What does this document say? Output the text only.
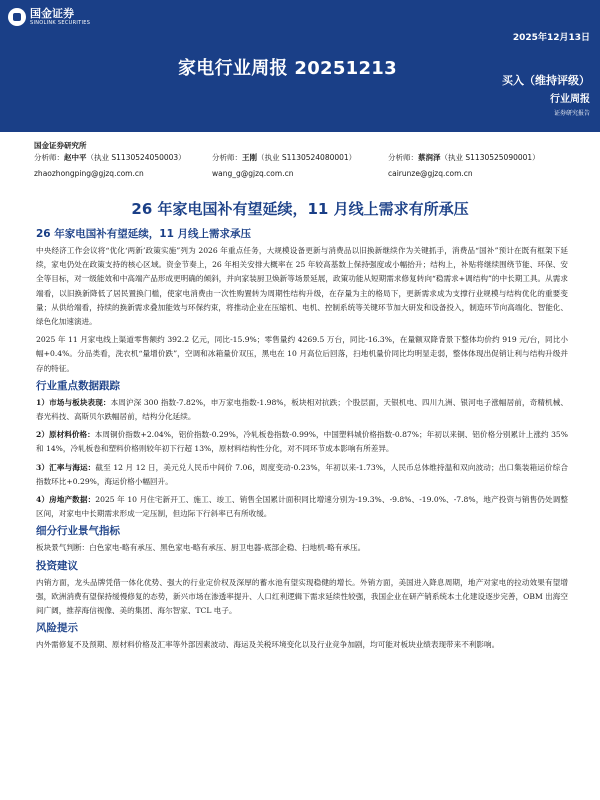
国金证券
SINOLINK SECURITIES
2025年12月13日
家电行业周报 20251213
买入（维持评级）
行业周报
证券研究报告
国金证券研究所
分析师：赵中平（执业 S1130524050003）
zhaozhongping@gjzq.com.cn
分析师：王刚（执业 S1130524080001）
wang_g@gjzq.com.cn
分析师：蔡润泽（执业 S1130525090001）
cairunze@gjzq.com.cn
26 年家电国补有望延续，11 月线上需求有所承压
26 年家电国补有望延续，11 月线上需求承压

中央经济工作会议将“优化‘两新’政策实施”列为 2026 年重点任务，大规模设备更新与消费品以旧换新继续作为关键抓手，消费品“国补”预计在既有框架下延续，家电仍处在政策支持的核心区域。资金节奏上，26 年相关安排大概率在 25 年较高基数上保持强度或小幅抬升；结构上，补贴将继续围绕节能、环保、安全等目标，对一级能效和中高端产品形成更明确的倾斜，并向家装厨卫焕新等场景延展，政策功能从短期需求修复转向“稳需求+调结构”的中长期工具。从需求端看，以旧换新降低了居民置换门槛，使家电消费由一次性购置转为周期性结构升级，在存量为主的格局下，更新需求成为支撑行业规模与结构优化的重要变量；从供给端看，持续的换新需求叠加能效与环保约束，将推动企业在压缩机、电机、控制系统等关键环节加大研发和设备投入，制造环节向高端化、智能化、绿色化加速演进。

2025 年 11 月家电线上渠道零售额约 392.2 亿元，同比-15.9%；零售量约 4269.5 万台，同比-16.3%，在量额双降背景下整体均价约 919 元/台，同比小幅+0.4%。分品类看，洗衣机“量增价跌”，空调和冰箱量价双压，黑电在 10 月高位后回落，扫地机量价同比均明显走弱，整体体现出促销让利与结构升级并存的特征。

行业重点数据跟踪

1）市场与板块表现：本周沪深 300 指数-7.82%，申万家电指数-1.98%，板块相对抗跌；个股层面，天银机电、四川九洲、银河电子涨幅居前，奇精机械、春光科技、高斯贝尔跌幅居前，结构分化延续。

2）原材料价格：本周铜价指数+2.04%，铝价指数-0.29%，冷轧板卷指数-0.99%，中国塑料城价格指数-0.87%；年初以来铜、铝价格分别累计上涨约 35%和 14%，冷轧板卷和塑料价格则较年初下行超 13%，原材料结构性分化，对不同环节成本影响有所差异。

3）汇率与海运：截至 12 月 12 日，美元兑人民币中间价 7.06，周度变动-0.23%，年初以来-1.73%，人民币总体维持温和双向波动；出口集装箱运价综合指数环比+0.29%，海运价格小幅回升。

4）房地产数据：2025 年 10 月住宅新开工、施工、竣工、销售全国累计面积同比增速分别为-19.3%、-9.8%、-19.0%、-7.8%，地产投资与销售仍处调整区间，对家电中长期需求形成一定压制，但边际下行斜率已有所收缓。

细分行业景气指标

板块景气判断：白色家电-略有承压、黑色家电-略有承压、厨卫电器-底部企稳、扫地机-略有承压。

投资建议

内销方面，龙头品牌凭借一体化优势、强大的行业定价权及深厚的蓄水池有望实现稳健的增长。外销方面，美国进入降息周期，地产对家电的拉动效果有望增强，欧洲消费有望保持缓慢修复的态势，新兴市场在渗透率提升、人口红利逻辑下需求延续性较强，我国企业在研产销系统本土化建设逐步完善，OBM 出海空间广阔，推荐海信视像、美的集团、海尔智家、TCL 电子。

风险提示

内外需修复不及预期、原材料价格及汇率等外部因素波动、海运及关税环境变化以及行业竞争加剧，均可能对板块业绩表现带来不利影响。
